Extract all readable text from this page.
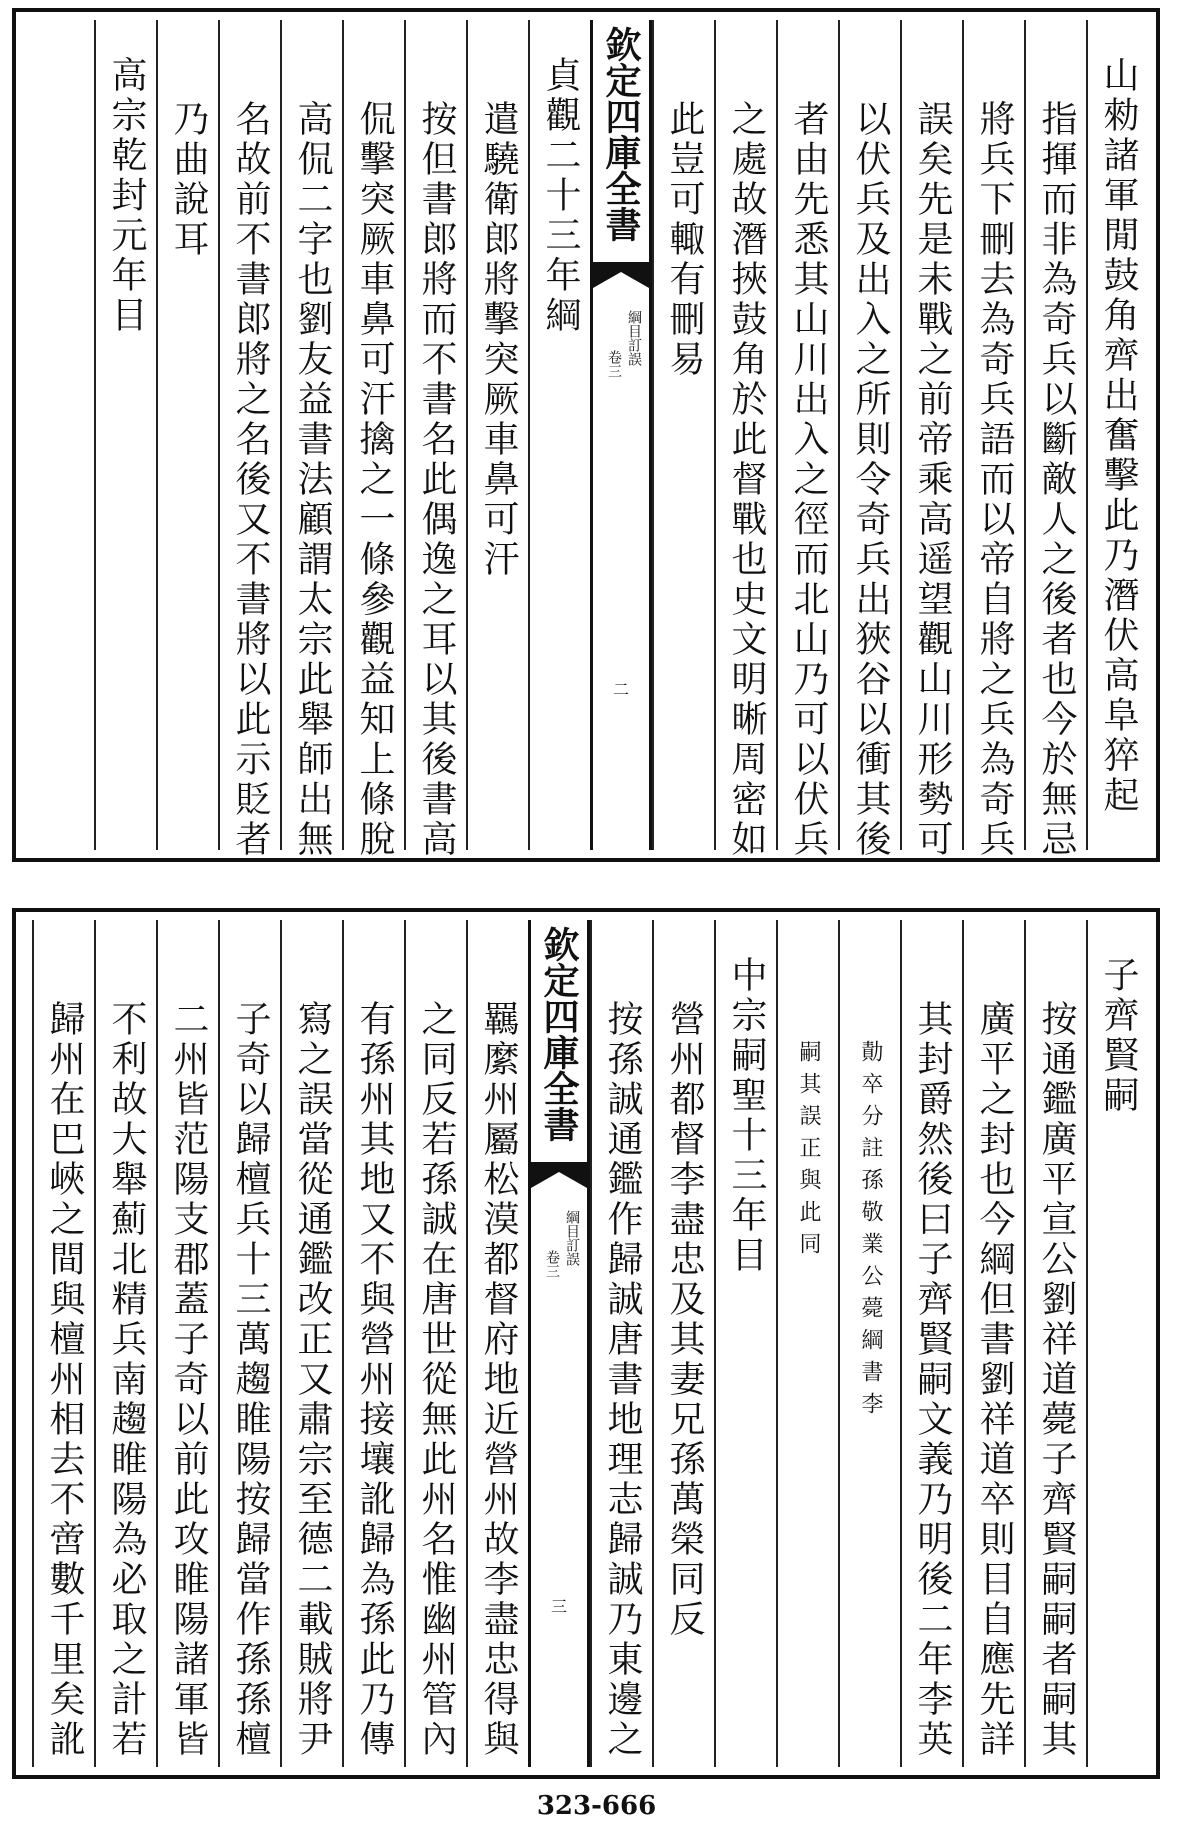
山勑諸軍閒鼓角齊出奮擊此乃潛伏高阜猝起
指揮而非為奇兵以斷敵人之後者也今於無忌
將兵下刪去為奇兵語而以帝自將之兵為奇兵
誤矣先是未戰之前帝乘高遥望觀山川形勢可
以伏兵及出入之所則令奇兵出狹谷以衝其後
者由先悉其山川出入之徑而北山乃可以伏兵
之處故潛挾鼓角於此督戰也史文明晰周密如
此豈可輙有刪易
欽定四庫全書
綱目訂誤
卷三
二
貞觀二十三年綱
遣驍衛郎將擊突厥車鼻可汗
按但書郎將而不書名此偶逸之耳以其後書高
侃擊突厥車鼻可汗擒之一條參觀益知上條脫
高侃二字也劉友益書法顧謂太宗此舉師出無
名故前不書郎將之名後又不書將以此示貶者
乃曲說耳
高宗乾封元年目
子齊賢嗣
按通鑑廣平宣公劉祥道薨子齊賢嗣嗣者嗣其
廣平之封也今綱但書劉祥道卒則目自應先詳
其封爵然後曰子齊賢嗣文義乃明後二年李英
勣卒分註孫敬業公薨綱書李
嗣其誤正與此同
中宗嗣聖十三年目
營州都督李盡忠及其妻兄孫萬榮同反
按孫誠通鑑作歸誠唐書地理志歸誠乃東邊之
欽定四庫全書
綱目訂誤
卷三
三
羈縻州屬松漠都督府地近營州故李盡忠得與
之同反若孫誠在唐世從無此州名惟幽州管內
有孫州其地又不與營州接壤訛歸為孫此乃傳
寫之誤當從通鑑改正又肅宗至德二載賊將尹
子奇以歸檀兵十三萬趨睢陽按歸當作孫孫檀
二州皆范陽支郡蓋子奇以前此攻睢陽諸軍皆
不利故大舉薊北精兵南趨睢陽為必取之計若
歸州在巴峽之間與檀州相去不啻數千里矣訛
323-666
